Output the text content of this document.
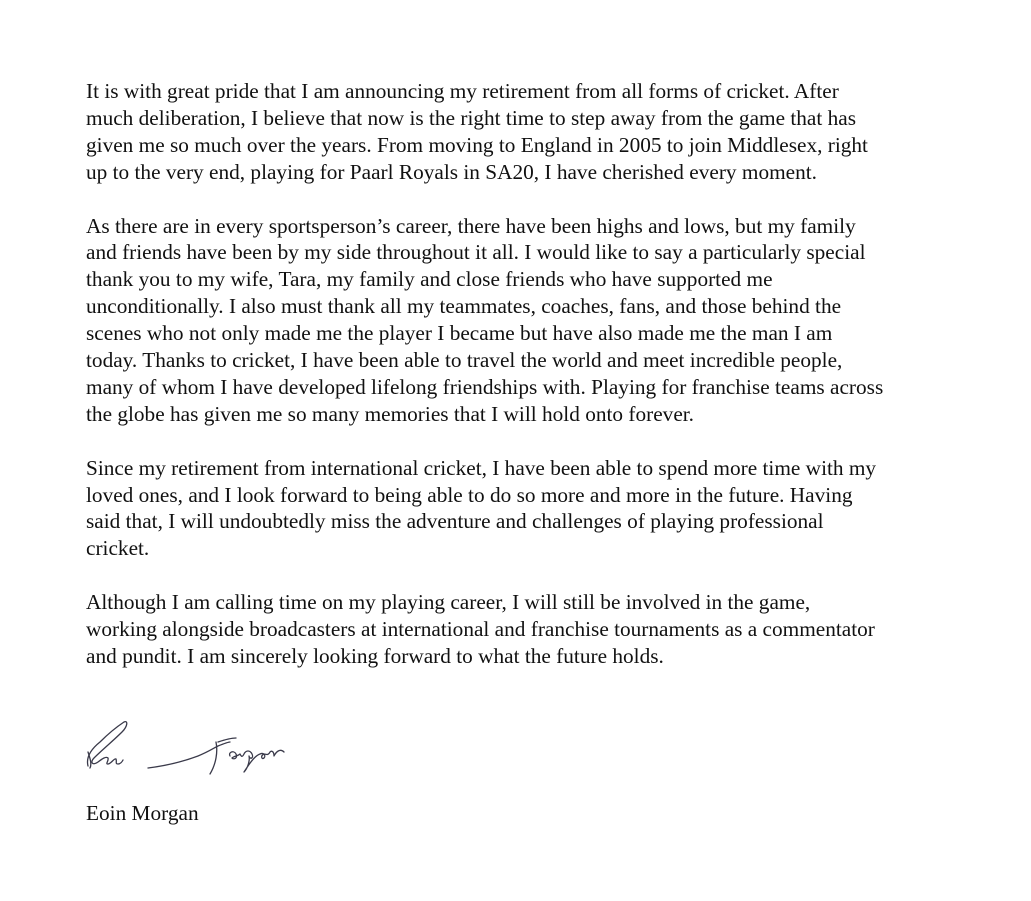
It is with great pride that I am announcing my retirement from all forms of cricket. After
much deliberation, I believe that now is the right time to step away from the game that has
given me so much over the years. From moving to England in 2005 to join Middlesex, right
up to the very end, playing for Paarl Royals in SA20, I have cherished every moment.

As there are in every sportsperson’s career, there have been highs and lows, but my family
and friends have been by my side throughout it all. I would like to say a particularly special
thank you to my wife, Tara, my family and close friends who have supported me
unconditionally. I also must thank all my teammates, coaches, fans, and those behind the
scenes who not only made me the player I became but have also made me the man I am
today. Thanks to cricket, I have been able to travel the world and meet incredible people,
many of whom I have developed lifelong friendships with. Playing for franchise teams across
the globe has given me so many memories that I will hold onto forever.

Since my retirement from international cricket, I have been able to spend more time with my
loved ones, and I look forward to being able to do so more and more in the future. Having
said that, I will undoubtedly miss the adventure and challenges of playing professional
cricket.

Although I am calling time on my playing career, I will still be involved in the game,
working alongside broadcasters at international and franchise tournaments as a commentator
and pundit. I am sincerely looking forward to what the future holds.

Eoin Morgan
